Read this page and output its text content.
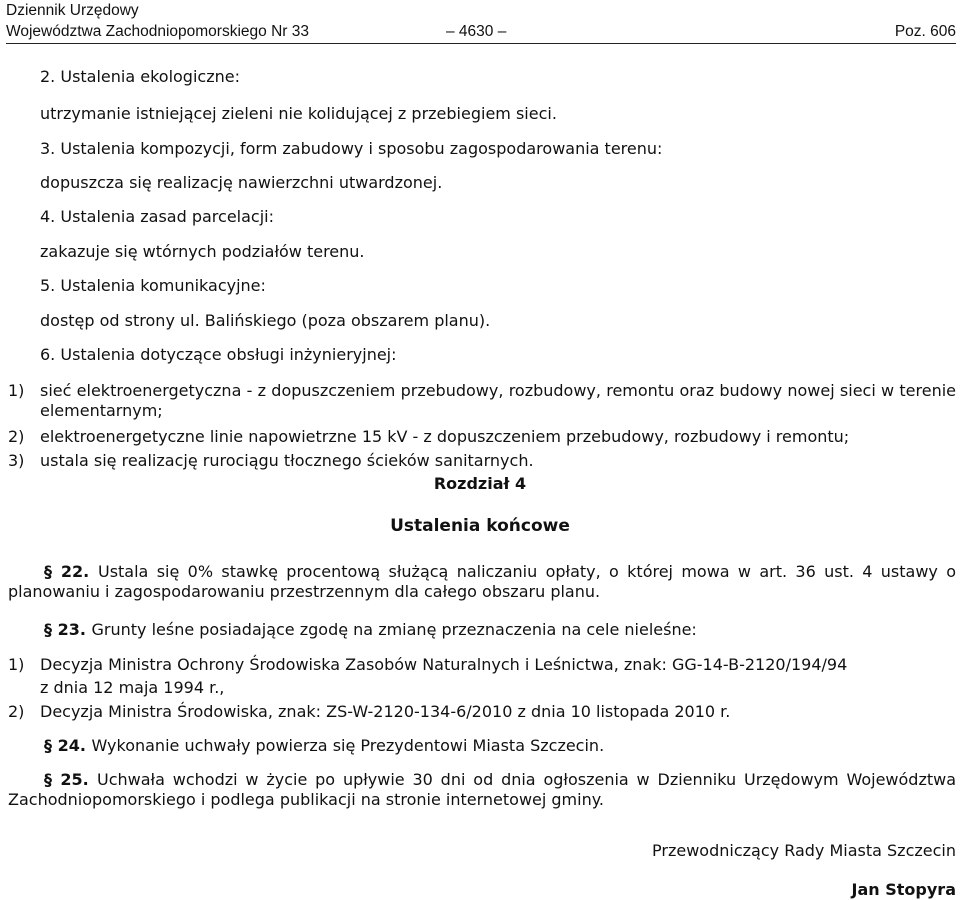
Dziennik Urzędowy
Województwa Zachodniopomorskiego Nr 33	– 4630 –	Poz. 606
2. Ustalenia ekologiczne:
utrzymanie istniejącej zieleni nie kolidującej z przebiegiem sieci.
3. Ustalenia kompozycji, form zabudowy i sposobu zagospodarowania terenu:
dopuszcza się realizację nawierzchni utwardzonej.
4. Ustalenia zasad parcelacji:
zakazuje się wtórnych podziałów terenu.
5. Ustalenia komunikacyjne:
dostęp od strony ul. Balińskiego (poza obszarem planu).
6. Ustalenia dotyczące obsługi inżynieryjnej:
1) sieć elektroenergetyczna - z dopuszczeniem przebudowy, rozbudowy, remontu oraz budowy nowej sieci w terenie elementarnym;
2) elektroenergetyczne linie napowietrzne 15 kV - z dopuszczeniem przebudowy, rozbudowy i remontu;
3) ustala się realizację rurociągu tłocznego ścieków sanitarnych.
Rozdział 4
Ustalenia końcowe
§ 22. Ustala się 0% stawkę procentową służącą naliczaniu opłaty, o której mowa w art. 36 ust. 4 ustawy o planowaniu i zagospodarowaniu przestrzennym dla całego obszaru planu.
§ 23. Grunty leśne posiadające zgodę na zmianę przeznaczenia na cele nieleśne:
1) Decyzja Ministra Ochrony Środowiska Zasobów Naturalnych i Leśnictwa, znak: GG-14-B-2120/194/94
z dnia 12 maja 1994 r.,
2) Decyzja Ministra Środowiska, znak: ZS-W-2120-134-6/2010 z dnia 10 listopada 2010 r.
§ 24. Wykonanie uchwały powierza się Prezydentowi Miasta Szczecin.
§ 25. Uchwała wchodzi w życie po upływie 30 dni od dnia ogłoszenia w Dzienniku Urzędowym Województwa Zachodniopomorskiego i podlega publikacji na stronie internetowej gminy.
Przewodniczący Rady Miasta Szczecin
Jan Stopyra
